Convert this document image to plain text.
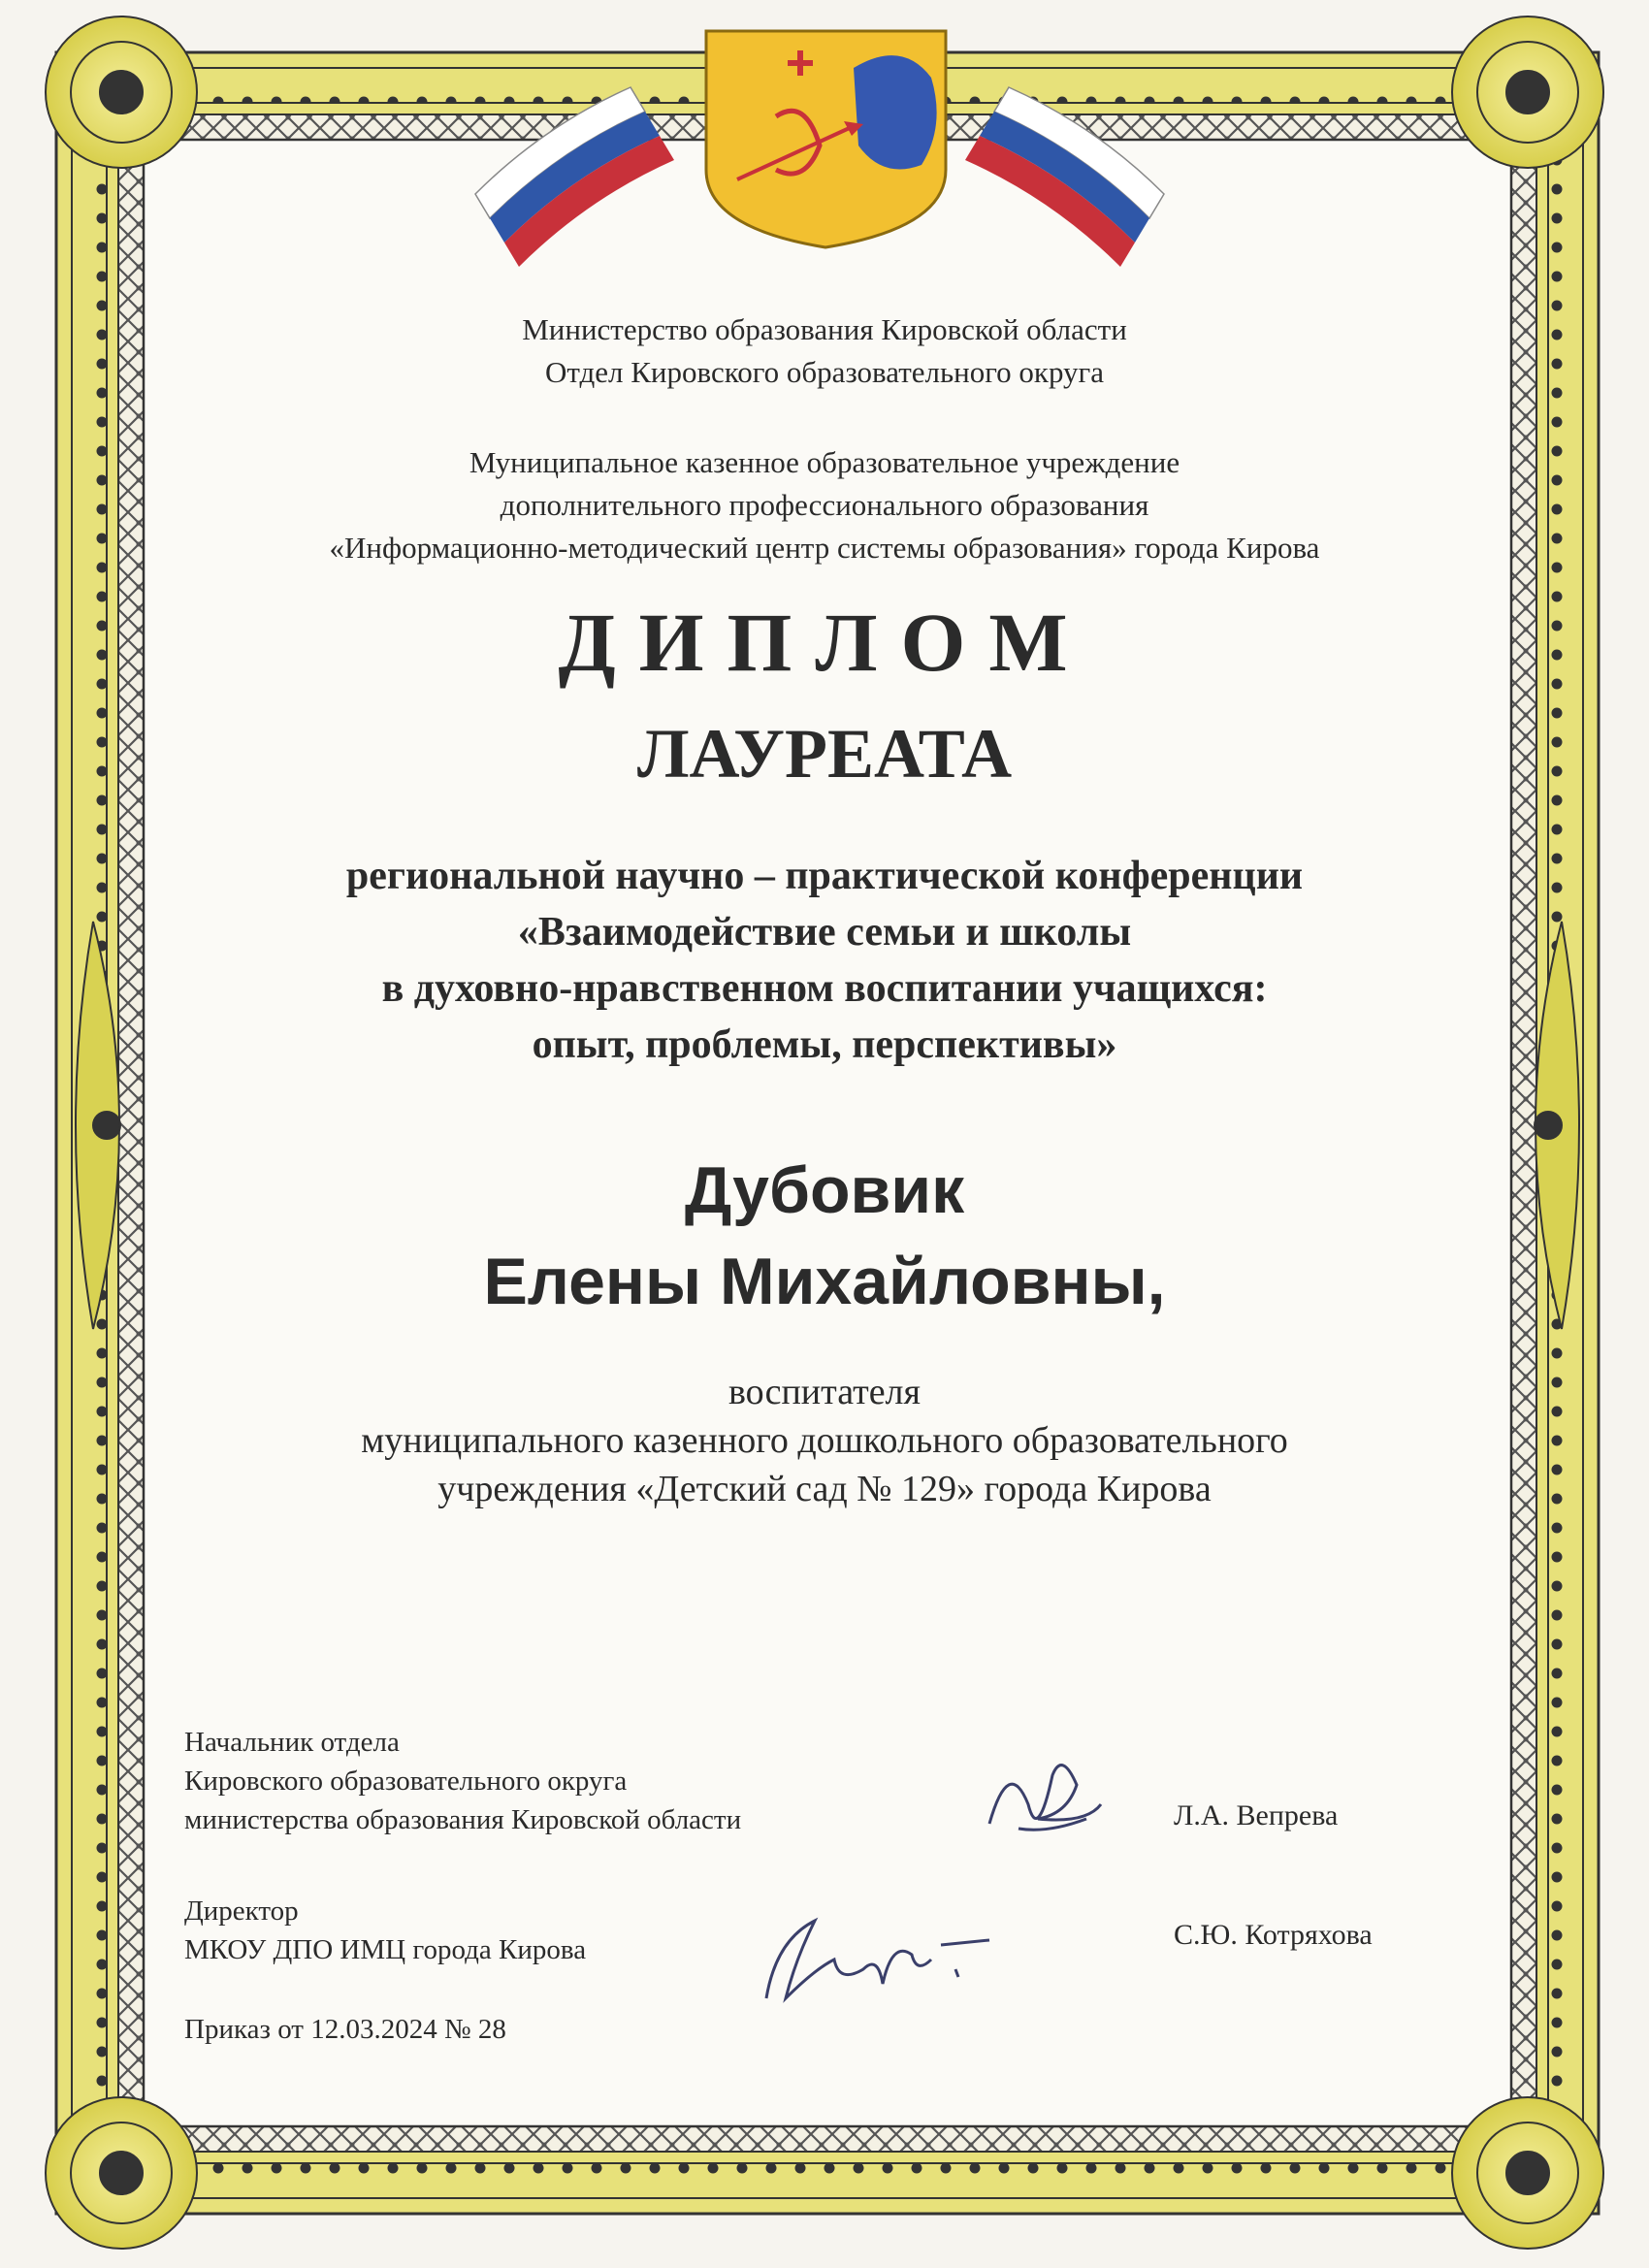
Министерство образования Кировской области
Отдел Кировского образовательного округа
Муниципальное казенное образовательное учреждение
дополнительного профессионального образования
«Информационно-методический центр системы образования» города Кирова
ДИПЛОМ
ЛАУРЕАТА
региональной научно – практической конференции
«Взаимодействие семьи и школы
в духовно-нравственном воспитании учащихся:
опыт, проблемы, перспективы»
Дубовик
Елены Михайловны,
воспитателя
муниципального казенного дошкольного образовательного
учреждения «Детский сад № 129» города Кирова
Начальник отдела
Кировского образовательного округа
министерства образования Кировской области	Л.А. Вепрева
Директор
МКОУ ДПО ИМЦ города Кирова	С.Ю. Котряхова
Приказ от 12.03.2024 № 28
